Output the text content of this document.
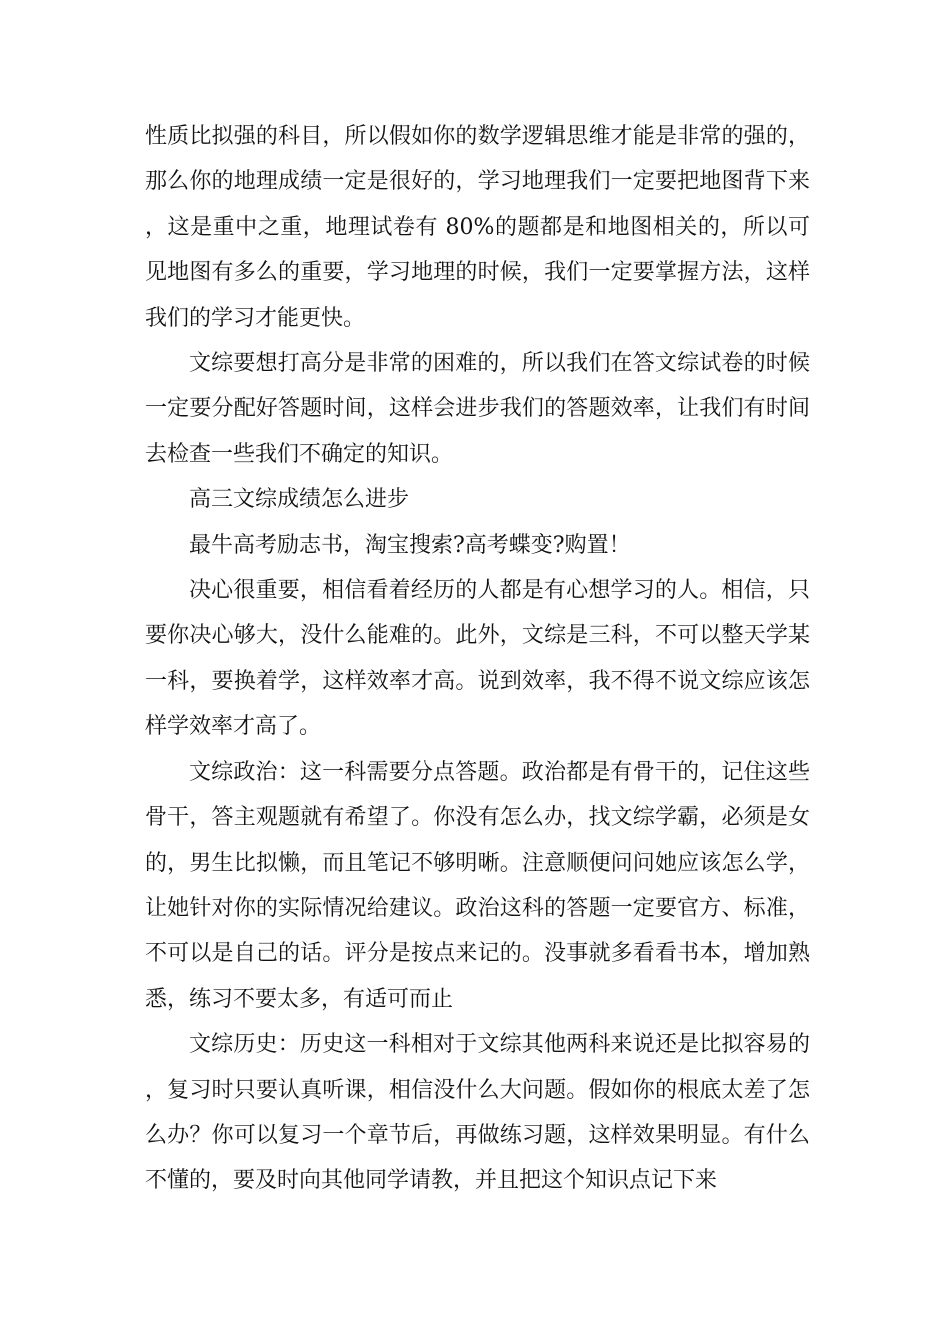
性质比拟强的科目，所以假如你的数学逻辑思维才能是非常的强的，那么你的地理成绩一定是很好的，学习地理我们一定要把地图背下来，这是重中之重，地理试卷有 80%的题都是和地图相关的，所以可见地图有多么的重要，学习地理的时候，我们一定要掌握方法，这样我们的学习才能更快。

文综要想打高分是非常的困难的，所以我们在答文综试卷的时候一定要分配好答题时间，这样会进步我们的答题效率，让我们有时间去检查一些我们不确定的知识。

高三文综成绩怎么进步

最牛高考励志书，淘宝搜索?高考蝶变?购置！

决心很重要，相信看着经历的人都是有心想学习的人。相信，只要你决心够大，没什么能难的。此外，文综是三科，不可以整天学某一科，要换着学，这样效率才高。说到效率，我不得不说文综应该怎样学效率才高了。

文综政治：这一科需要分点答题。政治都是有骨干的，记住这些骨干，答主观题就有希望了。你没有怎么办，找文综学霸，必须是女的，男生比拟懒，而且笔记不够明晰。注意顺便问问她应该怎么学，让她针对你的实际情况给建议。政治这科的答题一定要官方、标准，不可以是自己的话。评分是按点来记的。没事就多看看书本，增加熟悉，练习不要太多，有适可而止

文综历史：历史这一科相对于文综其他两科来说还是比拟容易的，复习时只要认真听课，相信没什么大问题。假如你的根底太差了怎么办？你可以复习一个章节后，再做练习题，这样效果明显。有什么不懂的，要及时向其他同学请教，并且把这个知识点记下来
